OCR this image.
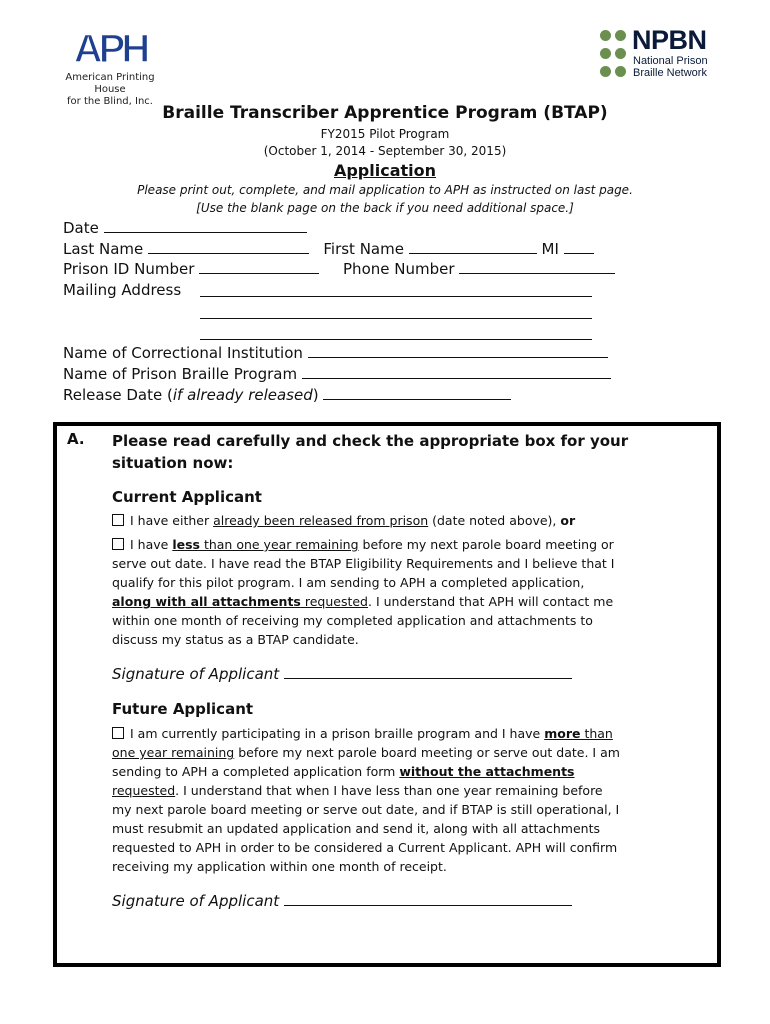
APH
American Printing House
for the Blind, Inc.
NPBN
National Prison
Braille Network
Braille Transcriber Apprentice Program (BTAP)
FY2015 Pilot Program
(October 1, 2014 - September 30, 2015)
Application
Please print out, complete, and mail application to APH as instructed on last page.
[Use the blank page on the back if you need additional space.]
Date
Last Name	First Name	MI
Prison ID Number	Phone Number
Mailing Address
Name of Correctional Institution
Name of Prison Braille Program
Release Date (if already released)
A. Please read carefully and check the appropriate box for your
situation now:
Current Applicant
I have either already been released from prison (date noted above), or
I have less than one year remaining before my next parole board meeting or
serve out date. I have read the BTAP Eligibility Requirements and I believe that I
qualify for this pilot program. I am sending to APH a completed application,
along with all attachments requested. I understand that APH will contact me
within one month of receiving my completed application and attachments to
discuss my status as a BTAP candidate.
Signature of Applicant
Future Applicant
I am currently participating in a prison braille program and I have more than
one year remaining before my next parole board meeting or serve out date. I am
sending to APH a completed application form without the attachments
requested. I understand that when I have less than one year remaining before
my next parole board meeting or serve out date, and if BTAP is still operational, I
must resubmit an updated application and send it, along with all attachments
requested to APH in order to be considered a Current Applicant. APH will confirm
receiving my application within one month of receipt.
Signature of Applicant
